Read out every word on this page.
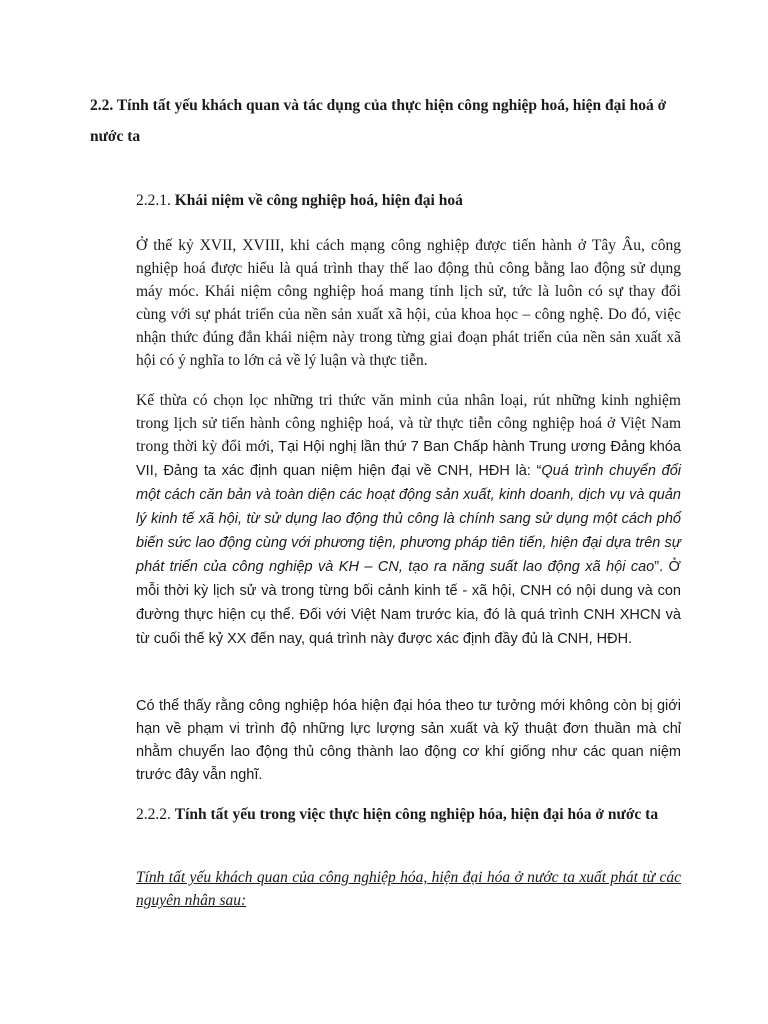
2.2. Tính tất yếu khách quan và tác dụng của thực hiện công nghiệp hoá, hiện đại hoá ở nước ta

2.2.1. Khái niệm về công nghiệp hoá, hiện đại hoá

Ở thế kỷ XVII, XVIII, khi cách mạng công nghiệp được tiến hành ở Tây Âu, công nghiệp hoá được hiểu là quá trình thay thế lao động thủ công bằng lao động sử dụng máy móc. Khái niệm công nghiệp hoá mang tính lịch sử, tức là luôn có sự thay đổi cùng với sự phát triển của nền sản xuất xã hội, của khoa học – công nghệ. Do đó, việc nhận thức đúng đắn khái niệm này trong từng giai đoạn phát triển của nền sản xuất xã hội có ý nghĩa to lớn cả về lý luận và thực tiễn.

Kế thừa có chọn lọc những tri thức văn minh của nhân loại, rút những kinh nghiệm trong lịch sử tiến hành công nghiệp hoá, và từ thực tiễn công nghiệp hoá ở Việt Nam trong thời kỳ đổi mới, Tại Hội nghị lần thứ 7 Ban Chấp hành Trung ương Đảng khóa VII, Đảng ta xác định quan niệm hiện đại về CNH, HĐH là: “Quá trình chuyển đổi một cách căn bản và toàn diện các hoạt động sản xuất, kinh doanh, dịch vụ và quản lý kinh tế xã hội, từ sử dụng lao động thủ công là chính sang sử dụng một cách phổ biến sức lao động cùng với phương tiện, phương pháp tiên tiến, hiện đại dựa trên sự phát triển của công nghiệp và KH – CN, tạo ra năng suất lao động xã hội cao”. Ở mỗi thời kỳ lịch sử và trong từng bối cảnh kinh tế - xã hội, CNH có nội dung và con đường thực hiện cụ thể. Đối với Việt Nam trước kia, đó là quá trình CNH XHCN và từ cuối thế kỷ XX đến nay, quá trình này được xác định đầy đủ là CNH, HĐH.

Có thể thấy rằng công nghiệp hóa hiện đại hóa theo tư tưởng mới không còn bị giới hạn về phạm vi trình độ những lực lượng sản xuất và kỹ thuật đơn thuần mà chỉ nhằm chuyển lao động thủ công thành lao động cơ khí giống như các quan niệm trước đây vẫn nghĩ.

2.2.2. Tính tất yếu trong việc thực hiện công nghiệp hóa, hiện đại hóa ở nước ta

Tính tất yếu khách quan của công nghiệp hóa, hiện đại hóa ở nước ta xuất phát từ các nguyên nhân sau:
